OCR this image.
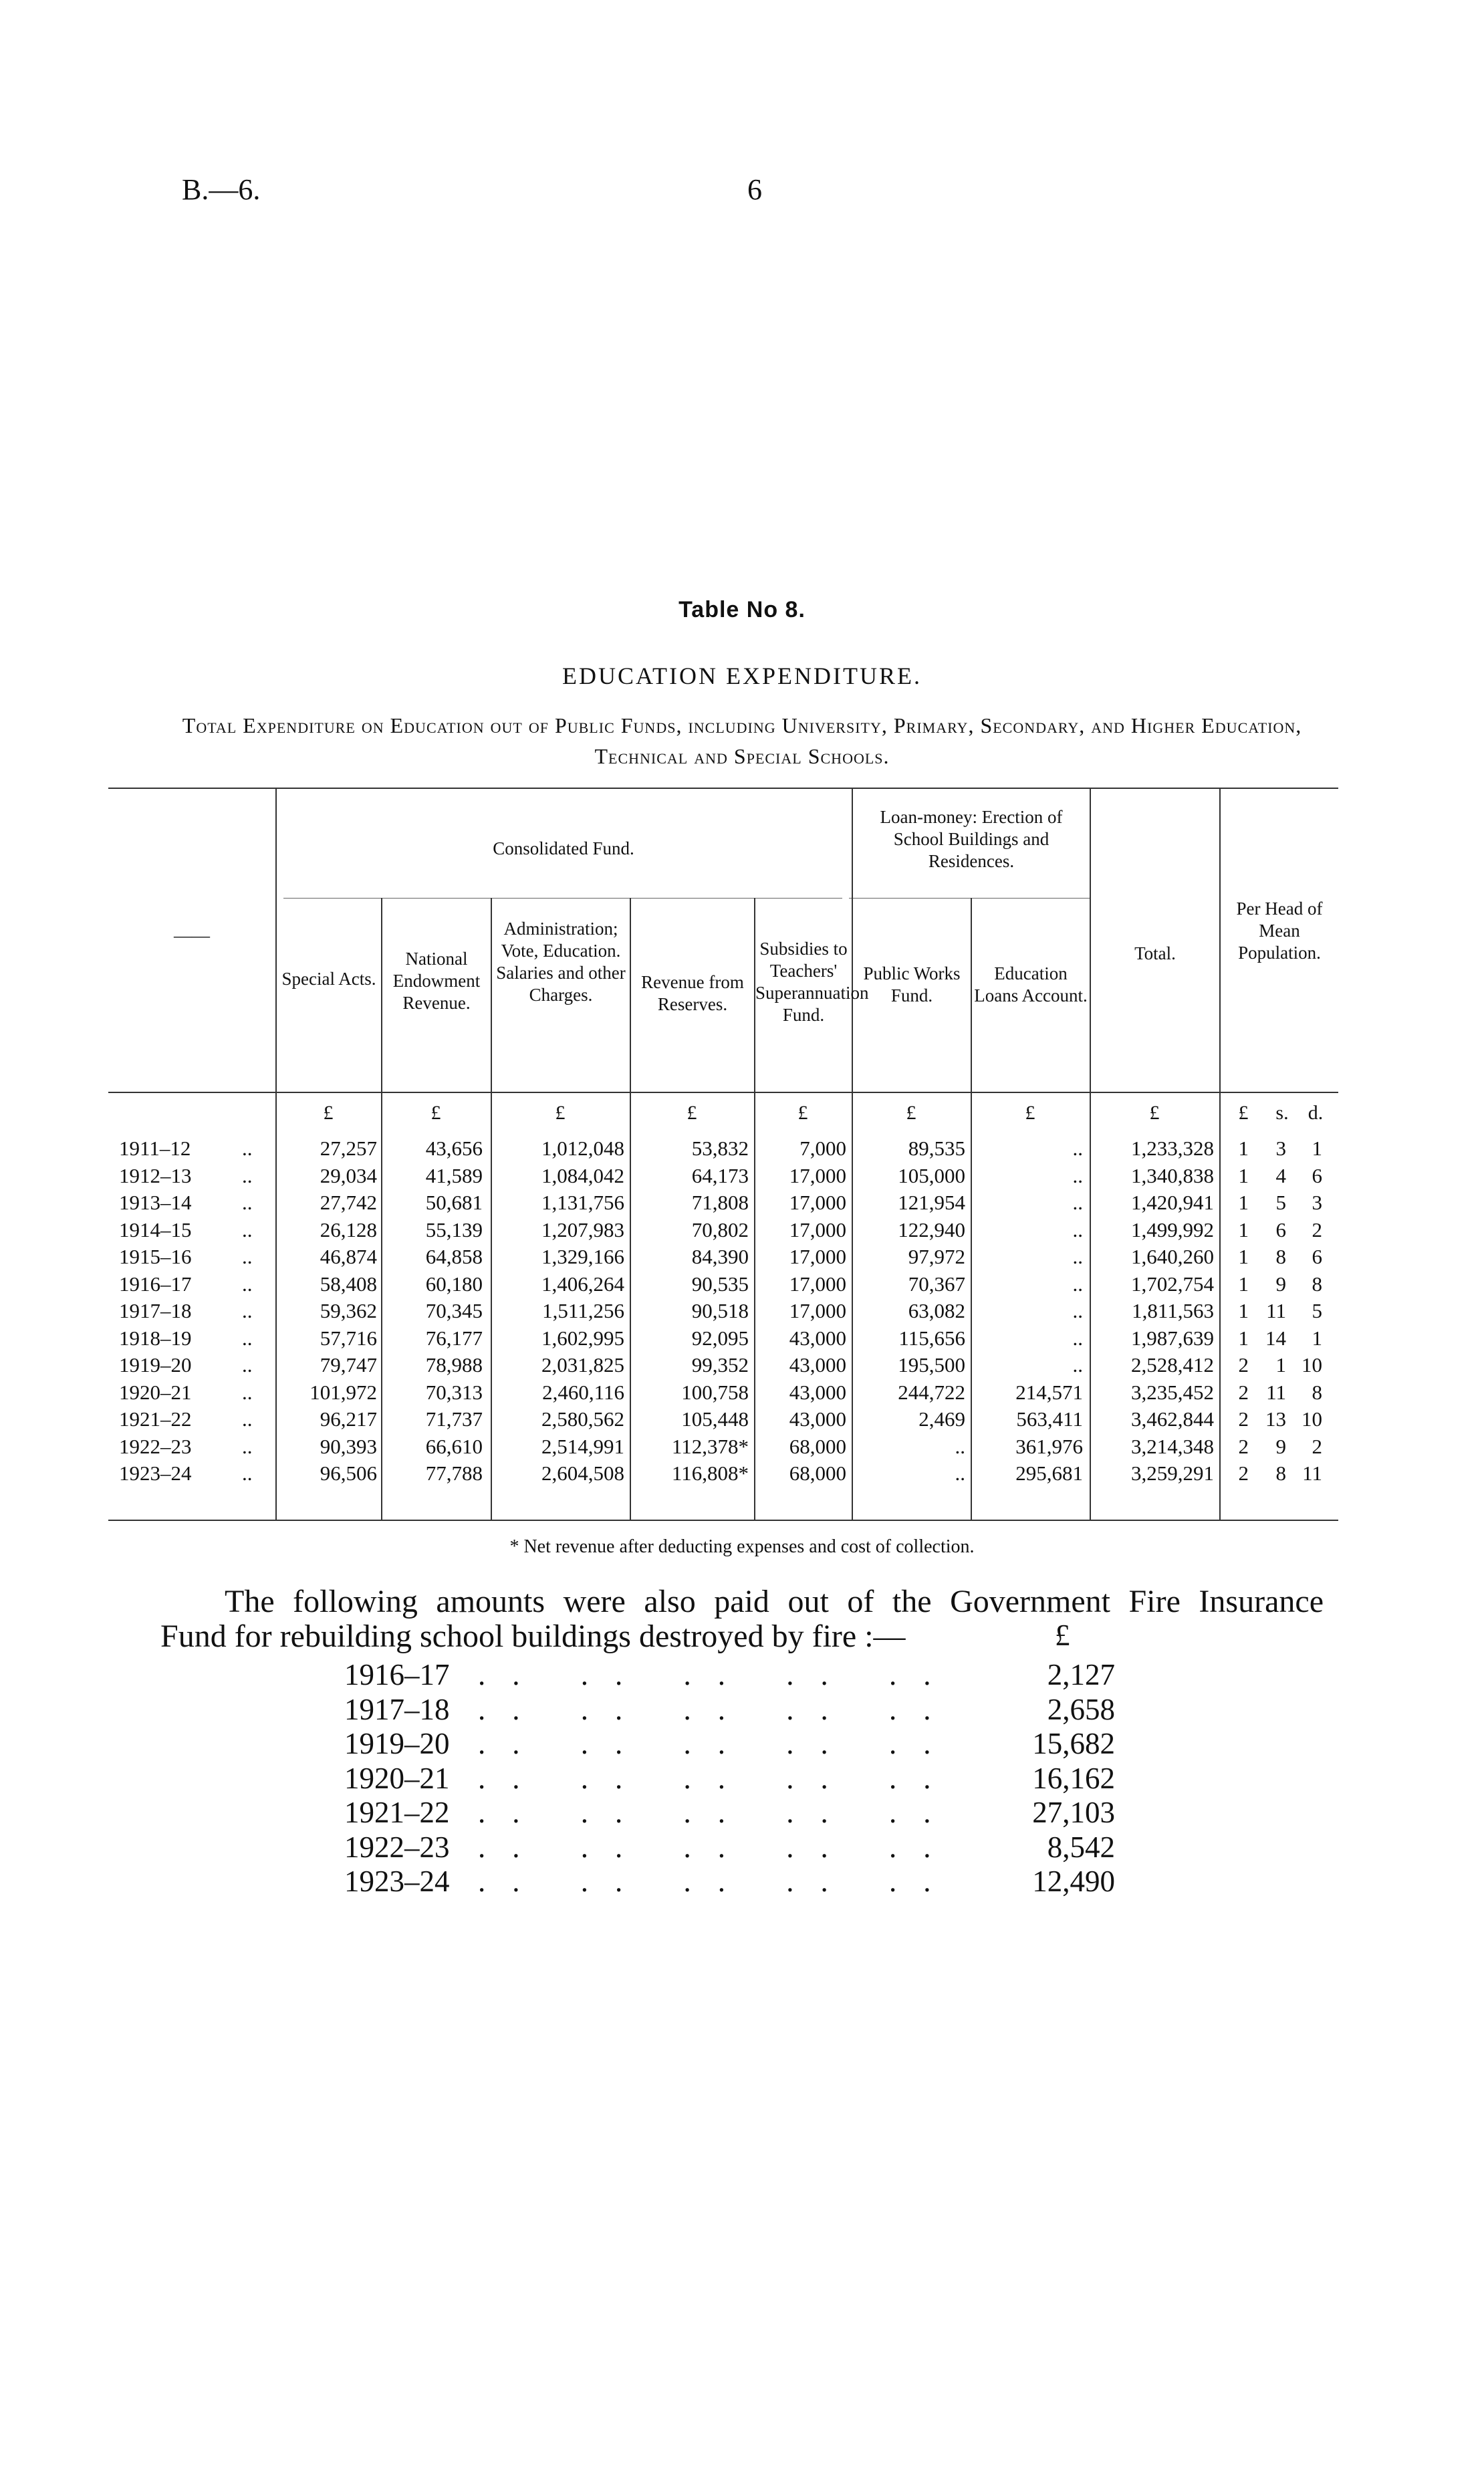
B.—6.	6
Table No 8.
EDUCATION EXPENDITURE.
Total Expenditure on Education out of Public Funds, including University, Primary, Secondary, and Higher Education, Technical and Special Schools.
——
Consolidated Fund.
Loan-money: Erection of School Buildings and Residences.
Special Acts.
National Endowment Revenue.
Administration; Vote, Education. Salaries and other Charges.
Revenue from Reserves.
Subsidies to Teachers' Superannuation Fund.
Public Works Fund.
Education Loans Account.
Total.
Per Head of Mean Population.
£	£	£	£	£	£	£	£	£	s. d.
1911–12 ..	27,257 43,656	1,012,048	53,832 7,000	89,535	.. 1,233,328 1 3 1
1912–13 ..	29,034 41,589	1,084,042	64,173 17,000 105,000	.. 1,340,838 1 4 6
1913–14 ..	27,742 50,681	1,131,756	71,808 17,000 121,954	.. 1,420,941 1 5 3
1914–15 ..	26,128 55,139	1,207,983	70,802 17,000 122,940	.. 1,499,992 1 6 2
1915–16 ..	46,874 64,858	1,329,166	84,390 17,000	97,972	.. 1,640,260 1 8 6
1916–17 ..	58,408 60,180	1,406,264	90,535 17,000	70,367	.. 1,702,754 1 9 8
1917–18 ..	59,362 70,345	1,511,256	90,518 17,000	63,082	.. 1,811,563 1 11 5
1918–19 ..	57,716 76,177	1,602,995	92,095 43,000	115,656	.. 1,987,639 1 14 1
1919–20 ..	79,747 78,988	2,031,825	99,352 43,000 195,500	.. 2,528,412 2 1 10
1920–21 ..	101,972 70,313	2,460,116	100,758 43,000 244,722 214,571 3,235,452 2 11 8
1921–22 ..	96,217 71,737	2,580,562	105,448 43,000	2,469 563,411 3,462,844 2 13 10
1922–23 ..	90,393 66,610	2,514,991 112,378* 68,000	.. 361,976 3,214,348 2 9 2
1923–24 ..	96,506 77,788	2,604,508 116,808* 68,000	.. 295,681 3,259,291 2 8 11
* Net revenue after deducting expenses and cost of collection.
The following amounts were also paid out of the Government Fire Insurance
Fund for rebuilding school buildings destroyed by fire :—	£
1916–17 .. .. .. .. ..	2,127
1917–18 .. .. .. .. ..	2,658
1919–20 .. .. .. .. .. 15,682
1920–21 .. .. .. .. .. 16,162
1921–22 .. .. .. .. .. 27,103
1922–23 .. .. .. .. ..	8,542
1923–24 .. .. .. .. .. 12,490
